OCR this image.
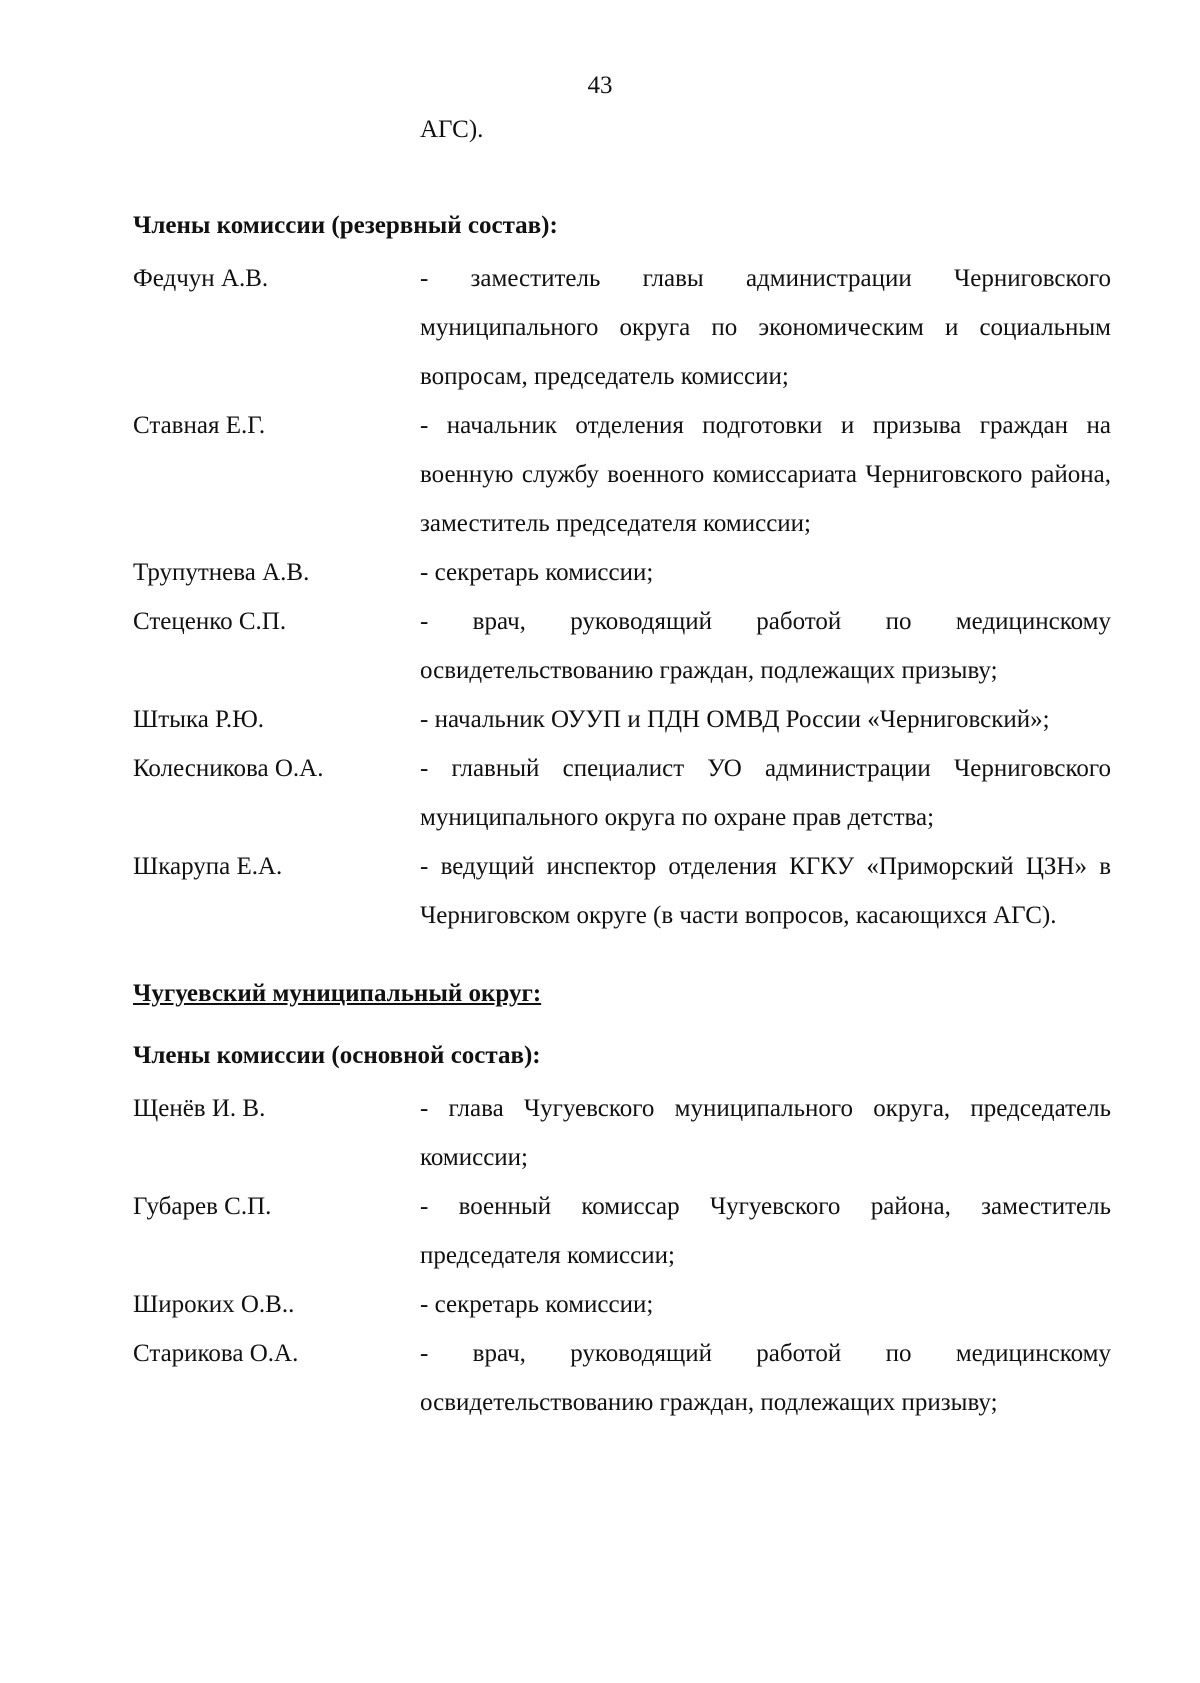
43
АГС).
Члены комиссии (резервный состав):
Федчун А.В.	- заместитель главы администрации Черниговского муниципального округа по экономическим и социальным вопросам, председатель комиссии;
Ставная Е.Г.	- начальник отделения подготовки и призыва граждан на военную службу военного комиссариата Черниговского района, заместитель председателя комиссии;
Трупутнева А.В.	- секретарь комиссии;
Стеценко С.П.	- врач, руководящий работой по медицинскому освидетельствованию граждан, подлежащих призыву;
Штыка Р.Ю.	- начальник ОУУП и ПДН ОМВД России «Черниговский»;
Колесникова О.А.	- главный специалист УО администрации Черниговского муниципального округа по охране прав детства;
Шкарупа Е.А.	- ведущий инспектор отделения КГКУ «Приморский ЦЗН» в Черниговском округе (в части вопросов, касающихся АГС).
Чугуевский муниципальный округ:
Члены комиссии (основной состав):
Щенёв И. В.	- глава Чугуевского муниципального округа, председатель комиссии;
Губарев С.П.	- военный комиссар Чугуевского района, заместитель председателя комиссии;
Широких О.В..	- секретарь комиссии;
Старикова О.А.	- врач, руководящий работой по медицинскому освидетельствованию граждан, подлежащих призыву;
